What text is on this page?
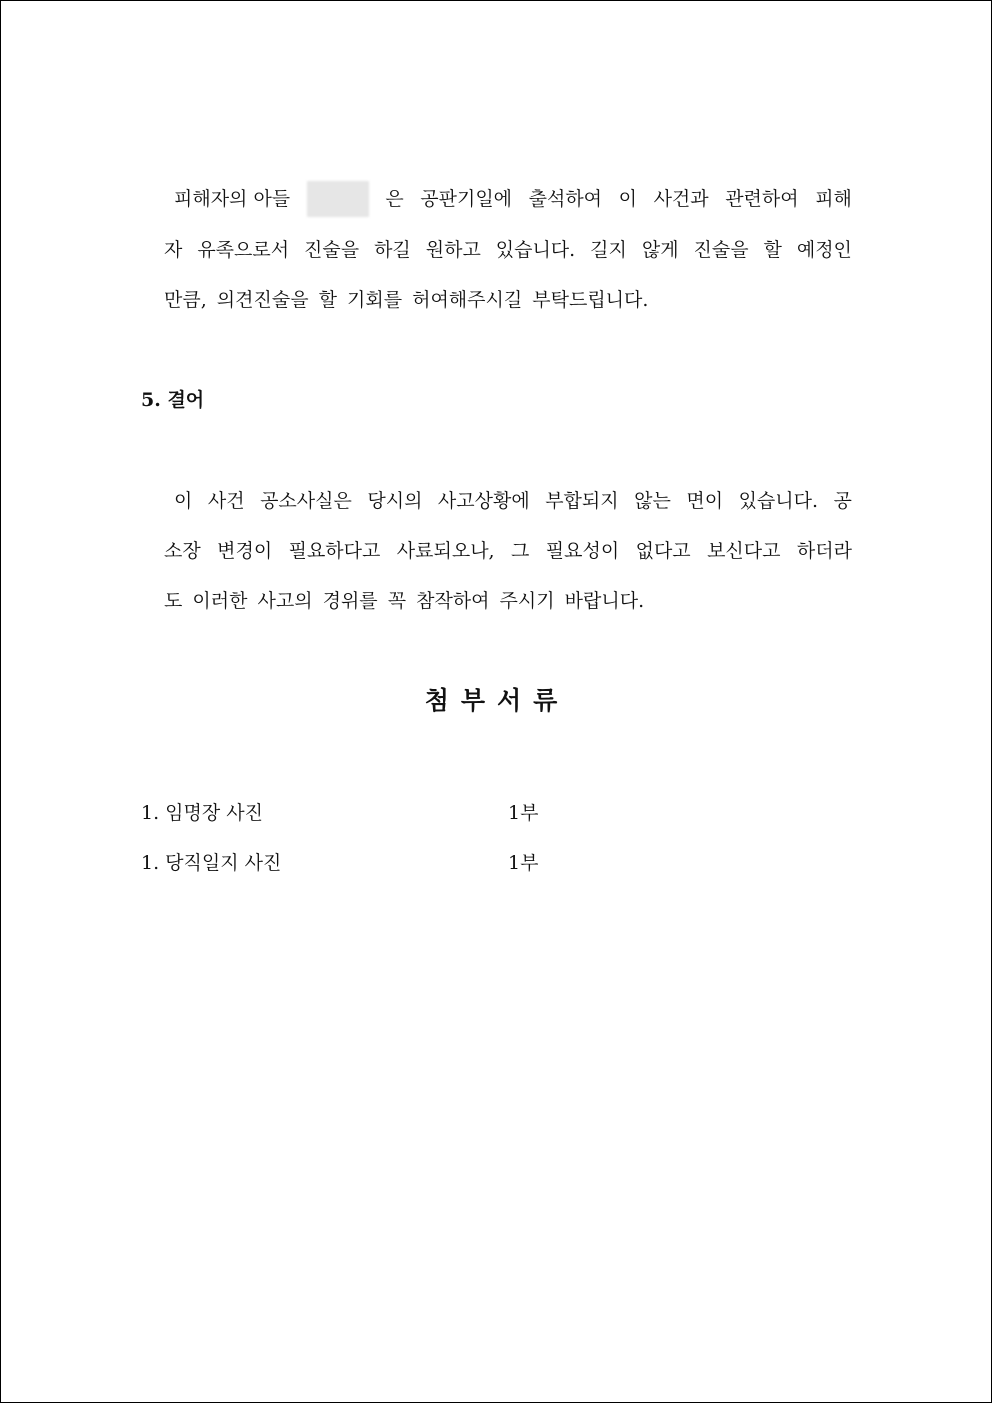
피해자의 아들	은 공판기일에 출석하여 이 사건과 관련하여 피해
자 유족으로서 진술을 하길 원하고 있습니다. 길지 않게 진술을 할 예정인
만큼, 의견진술을 할 기회를 허여해주시길 부탁드립니다.
5. 결어
이 사건 공소사실은 당시의 사고상황에 부합되지 않는 면이 있습니다. 공
소장 변경이 필요하다고 사료되오나, 그 필요성이 없다고 보신다고 하더라
도 이러한 사고의 경위를 꼭 참작하여 주시기 바랍니다.
첨부서류
1. 임명장 사진	1부
1. 당직일지 사진	1부
